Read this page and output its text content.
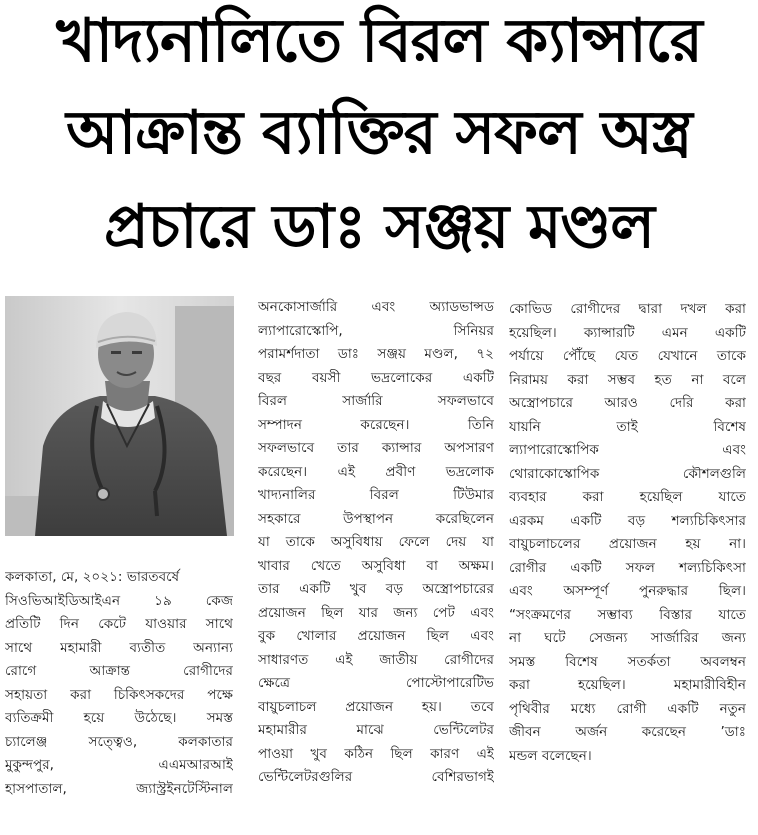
খাদ্যনালিতে বিরল ক্যান্সারে
আক্রান্ত ব্যাক্তির সফল অস্ত্র
প্রচারে ডাঃ সঞ্জয় মণ্ডল
কলকাতা, মে, ২০২১: ভারতবর্ষে
সিওভিআইডিআইএন ১৯ কেজ
প্রতিটি দিন কেটে যাওয়ার সাথে
সাথে মহামারী ব্যতীত অন্যান্য
রোগে আক্রান্ত রোগীদের
সহায়তা করা চিকিৎসকদের পক্ষে
ব্যতিক্রমী হয়ে উঠেছে। সমস্ত
চ্যালেঞ্জ সত্ত্বেও, কলকাতার
মুকুন্দপুর, এএমআরআই
হাসপাতাল, জ্যাস্ট্রইনটেস্টিনাল
অনকোসার্জারি এবং অ্যাডভান্সড
ল্যাপারোস্কোপি, সিনিয়র
পরামর্শদাতা ডাঃ সঞ্জয় মণ্ডল, ৭২
বছর বয়সী ভদ্রলোকের একটি
বিরল সার্জারি সফলভাবে
সম্পাদন করেছেন। তিনি
সফলভাবে তার ক্যান্সার অপসারণ
করেছেন। এই প্রবীণ ভদ্রলোক
খাদ্যনালির বিরল টিউমার
সহকারে উপস্থাপন করেছিলেন
যা তাকে অসুবিধায় ফেলে দেয় যা
খাবার খেতে অসুবিধা বা অক্ষম।
তার একটি খুব বড় অস্ত্রোপচারের
প্রয়োজন ছিল যার জন্য পেট এবং
বুক খোলার প্রয়োজন ছিল এবং
সাধারণত এই জাতীয় রোগীদের
ক্ষেত্রে পোস্টোপারেটিভ
বায়ুচলাচল প্রয়োজন হয়। তবে
মহামারীর মাঝে ভেন্টিলেটর
পাওয়া খুব কঠিন ছিল কারণ এই
ভেন্টিলেটরগুলির বেশিরভাগই
কোভিড রোগীদের দ্বারা দখল করা
হয়েছিল। ক্যান্সারটি এমন একটি
পর্যায়ে পৌঁছে যেত যেখানে তাকে
নিরাময় করা সম্ভব হত না বলে
অস্ত্রোপচারে আরও দেরি করা
যায়নি তাই বিশেষ
ল্যাপারোস্কোপিক এবং
থোরাকোস্কোপিক কৌশলগুলি
ব্যবহার করা হয়েছিল যাতে
এরকম একটি বড় শল্যচিকিৎসার
বায়ুচলাচলের প্রয়োজন হয় না।
রোগীর একটি সফল শল্যচিকিৎসা
এবং অসম্পূর্ণ পুনরুদ্ধার ছিল।
“সংক্রমণের সম্ভাব্য বিস্তার যাতে
না ঘটে সেজন্য সার্জারির জন্য
সমস্ত বিশেষ সতর্কতা অবলম্বন
করা হয়েছিল। মহামারীবিহীন
পৃথিবীর মধ্যে রোগী একটি নতুন
জীবন অর্জন করেছেন ’ডাঃ
মন্ডল বলেছেন।
